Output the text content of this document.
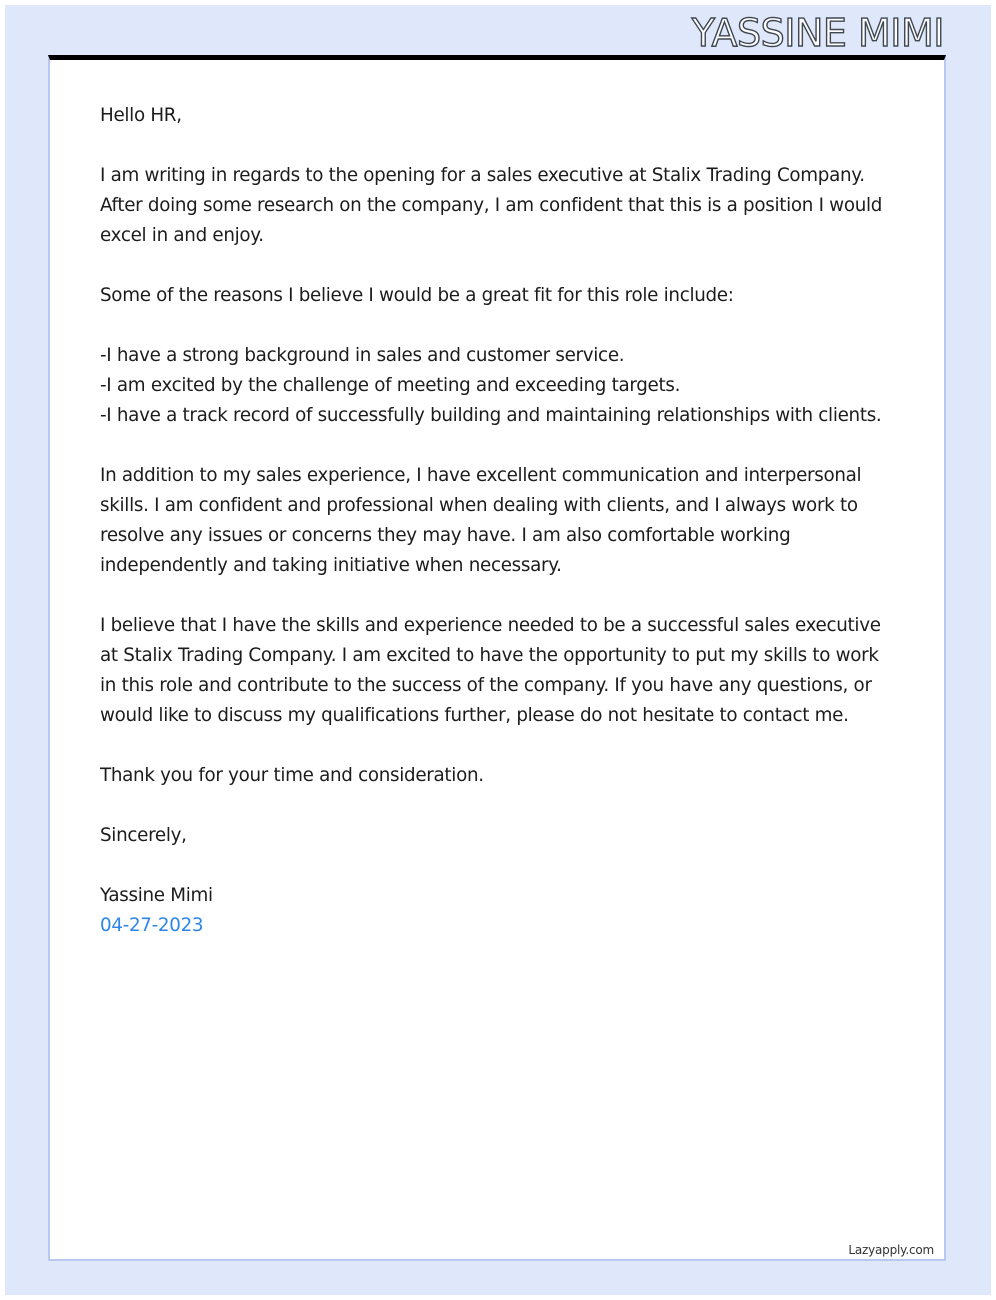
YASSINE MIMI

Hello HR,

I am writing in regards to the opening for a sales executive at Stalix Trading Company. After doing some research on the company, I am confident that this is a position I would excel in and enjoy.

Some of the reasons I believe I would be a great fit for this role include:

-I have a strong background in sales and customer service.
-I am excited by the challenge of meeting and exceeding targets.
-I have a track record of successfully building and maintaining relationships with clients.

In addition to my sales experience, I have excellent communication and interpersonal skills. I am confident and professional when dealing with clients, and I always work to resolve any issues or concerns they may have. I am also comfortable working independently and taking initiative when necessary.

I believe that I have the skills and experience needed to be a successful sales executive at Stalix Trading Company. I am excited to have the opportunity to put my skills to work in this role and contribute to the success of the company. If you have any questions, or would like to discuss my qualifications further, please do not hesitate to contact me.

Thank you for your time and consideration.

Sincerely,

Yassine Mimi

04-27-2023

Lazyapply.com
